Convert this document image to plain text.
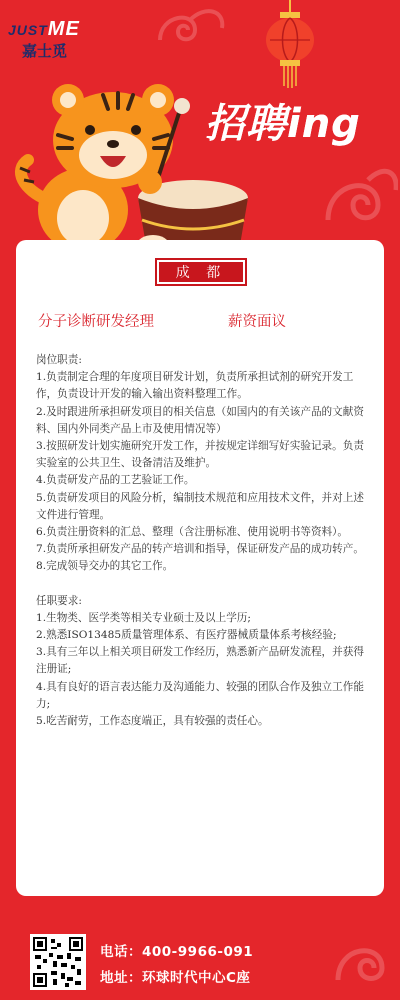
JUSTME
嘉士觅
招聘ing
成 都
分子诊断研发经理	薪资面议

岗位职责:

1.负责制定合理的年度项目研发计划，负责所承担试剂的研究开发工作，负责设计开发的输入输出资料整理工作。

2.及时跟进所承担研发项目的相关信息（如国内的有关该产品的文献资料、国内外同类产品上市及使用情况等）

3.按照研发计划实施研究开发工作，并按规定详细写好实验记录。负责实验室的公共卫生、设备清洁及维护。

4.负责研发产品的工艺验证工作。

5.负责研发项目的风险分析，编制技术规范和应用技术文件，并对上述文件进行管理。

6.负责注册资料的汇总、整理（含注册标准、使用说明书等资料）。

7.负责所承担研发产品的转产培训和指导，保证研发产品的成功转产。

8.完成领导交办的其它工作。

任职要求:

1.生物类、医学类等相关专业硕士及以上学历;

2.熟悉ISO13485质量管理体系、有医疗器械质量体系考核经验;

3.具有三年以上相关项目研发工作经历，熟悉新产品研发流程，并获得注册证;

4.具有良好的语言表达能力及沟通能力、较强的团队合作及独立工作能力;

5.吃苦耐劳，工作态度端正，具有较强的责任心。

电话：400-9966-091
地址：环球时代中心C座
